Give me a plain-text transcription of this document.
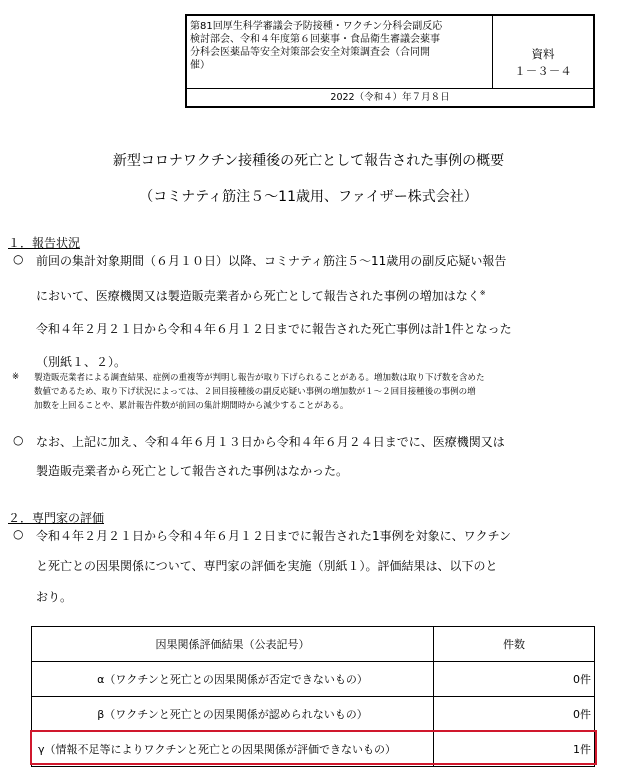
第81回厚生科学審議会予防接種・ワクチン分科会副反応
検討部会、令和４年度第６回薬事・食品衛生審議会薬事
分科会医薬品等安全対策部会安全対策調査会（合同開
催）
資料
１－３－４
2022（令和４）年７月８日
新型コロナワクチン接種後の死亡として報告された事例の概要
（コミナティ筋注５～11歳用、ファイザー株式会社）
１．報告状況
○ 前回の集計対象期間（６月１０日）以降、コミナティ筋注５～11歳用の副反応疑い報告
において、医療機関又は製造販売業者から死亡として報告された事例の増加はなく※
令和４年２月２１日から令和４年６月１２日までに報告された死亡事例は計1件となった
（別紙１、２）。
※ 製造販売業者による調査結果、症例の重複等が判明し報告が取り下げられることがある。増加数は取り下げ数を含めた
数値であるため、取り下げ状況によっては、２回目接種後の副反応疑い事例の増加数が１～２回目接種後の事例の増
加数を上回ることや、累計報告件数が前回の集計期間時から減少することがある。
○ なお、上記に加え、令和４年６月１３日から令和４年６月２４日までに、医療機関又は
製造販売業者から死亡として報告された事例はなかった。
２．専門家の評価
○ 令和４年２月２１日から令和４年６月１２日までに報告された1事例を対象に、ワクチン
と死亡との因果関係について、専門家の評価を実施（別紙１）。評価結果は、以下のと
おり。
因果関係評価結果（公表記号）	件数
α（ワクチンと死亡との因果関係が否定できないもの）	0件
β（ワクチンと死亡との因果関係が認められないもの）	0件
γ（情報不足等によりワクチンと死亡との因果関係が評価できないもの）	1件
